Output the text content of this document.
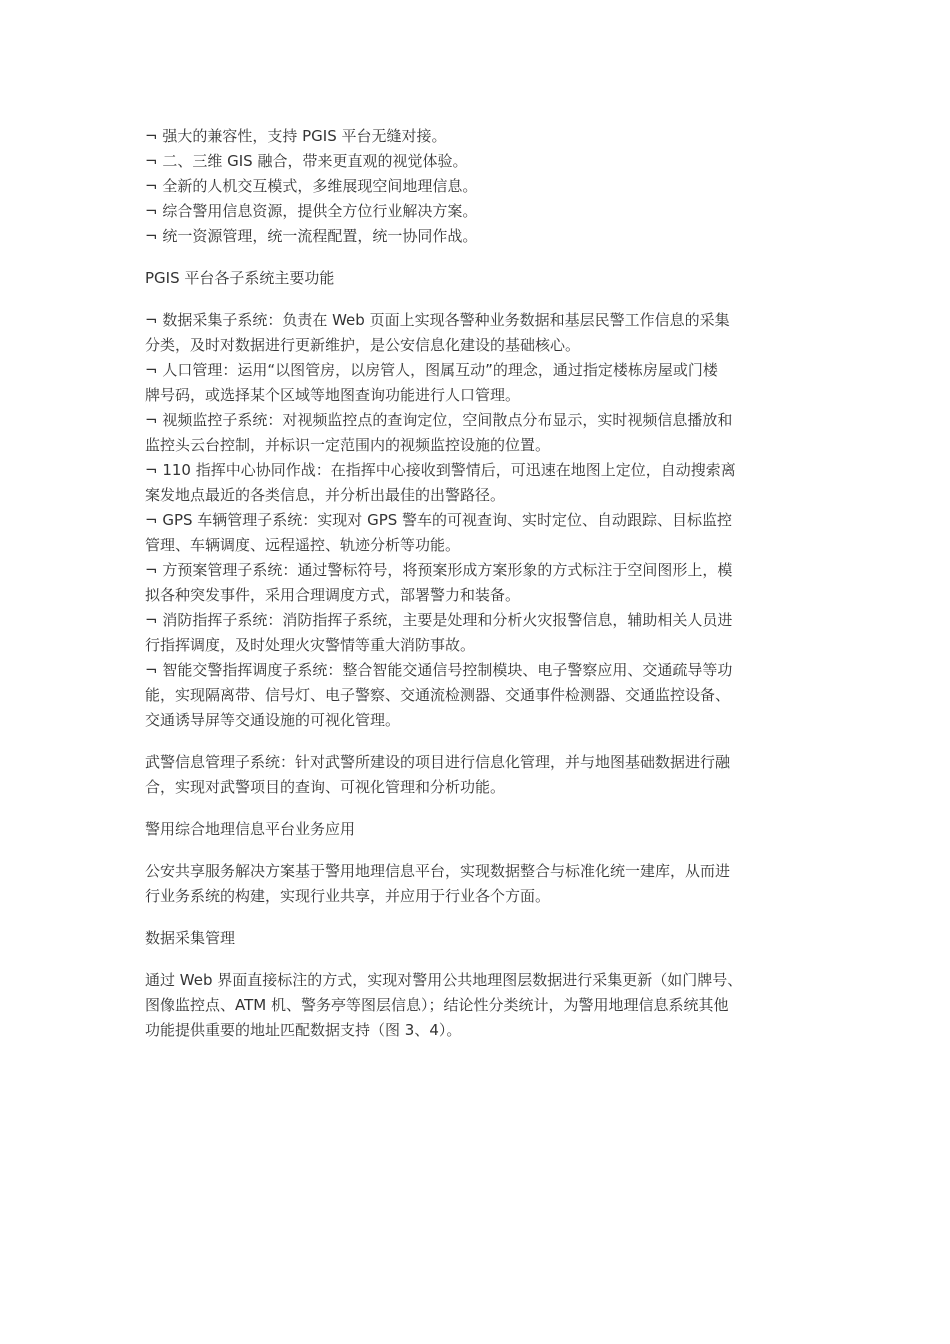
¬ 强大的兼容性，支持 PGIS 平台无缝对接。
¬ 二、三维 GIS 融合，带来更直观的视觉体验。
¬ 全新的人机交互模式，多维展现空间地理信息。
¬ 综合警用信息资源，提供全方位行业解决方案。
¬ 统一资源管理，统一流程配置，统一协同作战。
PGIS 平台各子系统主要功能
¬ 数据采集子系统：负责在 Web 页面上实现各警种业务数据和基层民警工作信息的采集
分类，及时对数据进行更新维护，是公安信息化建设的基础核心。
¬ 人口管理：运用“以图管房，以房管人，图属互动”的理念，通过指定楼栋房屋或门楼
牌号码，或选择某个区域等地图查询功能进行人口管理。
¬ 视频监控子系统：对视频监控点的查询定位，空间散点分布显示，实时视频信息播放和
监控头云台控制，并标识一定范围内的视频监控设施的位置。
¬ 110 指挥中心协同作战：在指挥中心接收到警情后，可迅速在地图上定位，自动搜索离
案发地点最近的各类信息，并分析出最佳的出警路径。
¬ GPS 车辆管理子系统：实现对 GPS 警车的可视查询、实时定位、自动跟踪、目标监控
管理、车辆调度、远程遥控、轨迹分析等功能。
¬ 方预案管理子系统：通过警标符号，将预案形成方案形象的方式标注于空间图形上，模
拟各种突发事件，采用合理调度方式，部署警力和装备。
¬ 消防指挥子系统：消防指挥子系统，主要是处理和分析火灾报警信息，辅助相关人员进
行指挥调度，及时处理火灾警情等重大消防事故。
¬ 智能交警指挥调度子系统：整合智能交通信号控制模块、电子警察应用、交通疏导等功
能，实现隔离带、信号灯、电子警察、交通流检测器、交通事件检测器、交通监控设备、
交通诱导屏等交通设施的可视化管理。
武警信息管理子系统：针对武警所建设的项目进行信息化管理，并与地图基础数据进行融
合，实现对武警项目的查询、可视化管理和分析功能。
警用综合地理信息平台业务应用
公安共享服务解决方案基于警用地理信息平台，实现数据整合与标准化统一建库，从而进
行业务系统的构建，实现行业共享，并应用于行业各个方面。
数据采集管理
通过 Web 界面直接标注的方式，实现对警用公共地理图层数据进行采集更新（如门牌号、
图像监控点、ATM 机、警务亭等图层信息）；结论性分类统计，为警用地理信息系统其他
功能提供重要的地址匹配数据支持（图 3、4）。
